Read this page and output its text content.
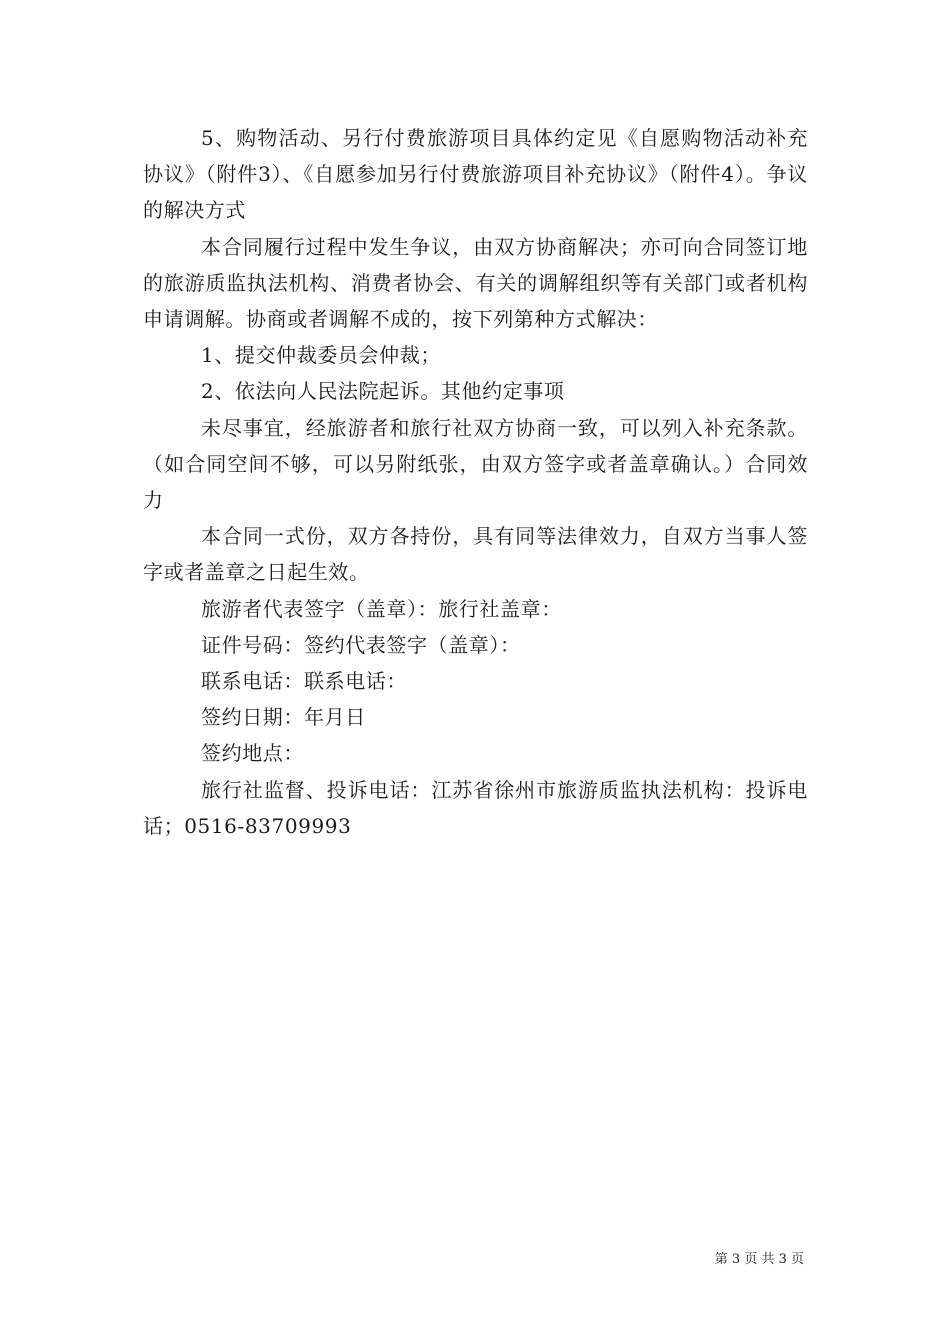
5、购物活动、另行付费旅游项目具体约定见《自愿购物活动补充协议》（附件3）、《自愿参加另行付费旅游项目补充协议》（附件4）。争议的解决方式

本合同履行过程中发生争议，由双方协商解决；亦可向合同签订地的旅游质监执法机构、消费者协会、有关的调解组织等有关部门或者机构申请调解。协商或者调解不成的，按下列第种方式解决：

1、提交仲裁委员会仲裁；

2、依法向人民法院起诉。其他约定事项

未尽事宜，经旅游者和旅行社双方协商一致，可以列入补充条款。（如合同空间不够，可以另附纸张，由双方签字或者盖章确认。）合同效力

本合同一式份，双方各持份，具有同等法律效力，自双方当事人签字或者盖章之日起生效。

旅游者代表签字（盖章）：旅行社盖章：

证件号码：签约代表签字（盖章）：

联系电话：联系电话：

签约日期：年月日

签约地点：

旅行社监督、投诉电话：江苏省徐州市旅游质监执法机构：投诉电话；0516-83709993

第 3 页 共 3 页
